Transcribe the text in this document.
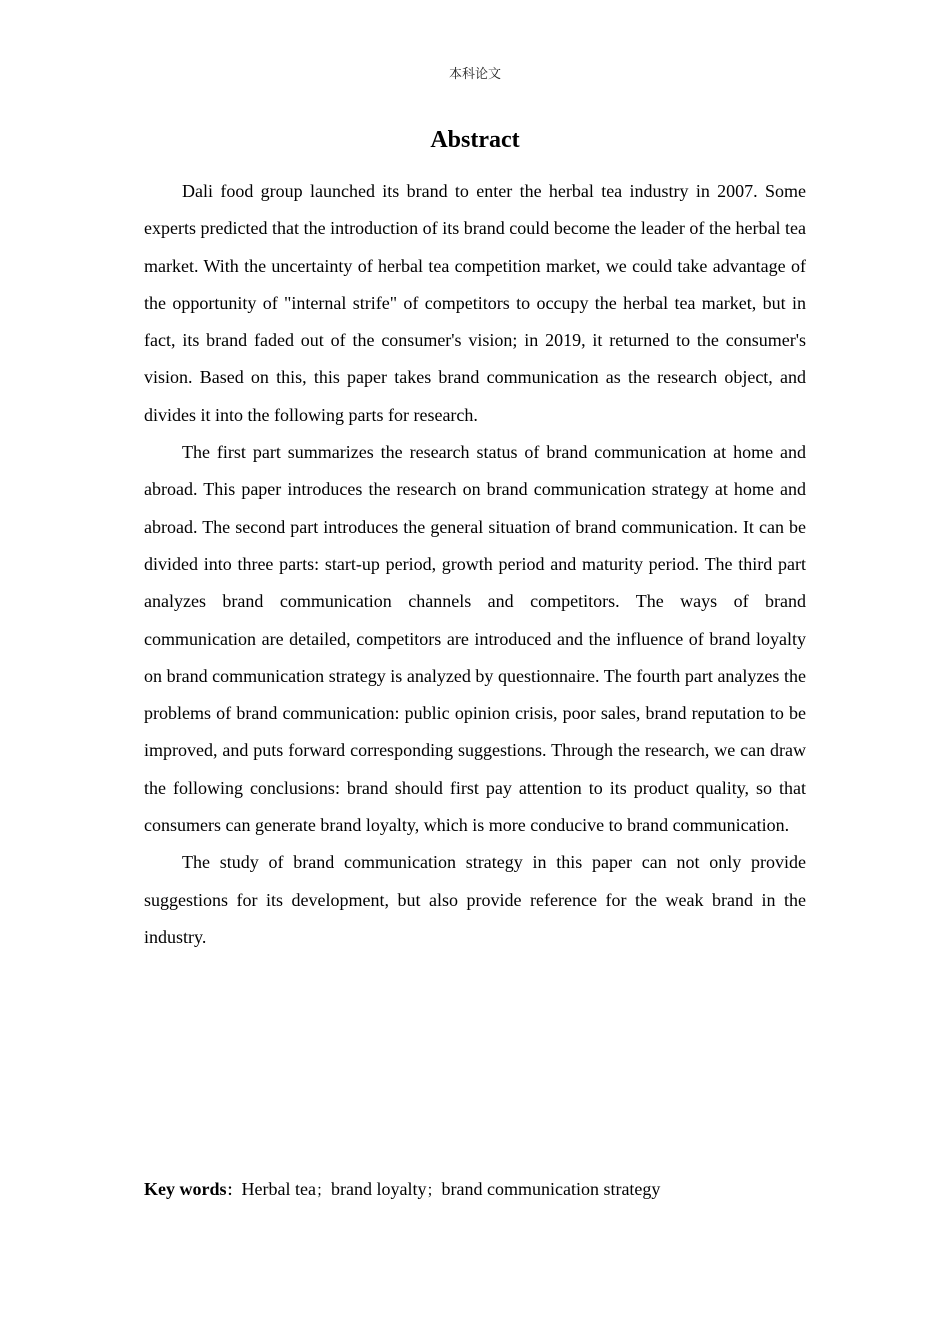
本科论文
Abstract

Dali food group launched its brand to enter the herbal tea industry in 2007. Some experts predicted that the introduction of its brand could become the leader of the herbal tea market. With the uncertainty of herbal tea competition market, we could take advantage of the opportunity of "internal strife" of competitors to occupy the herbal tea market, but in fact, its brand faded out of the consumer's vision; in 2019, it returned to the consumer's vision. Based on this, this paper takes brand communication as the research object, and divides it into the following parts for research.

The first part summarizes the research status of brand communication at home and abroad. This paper introduces the research on brand communication strategy at home and abroad. The second part introduces the general situation of brand communication. It can be divided into three parts: start-up period, growth period and maturity period. The third part analyzes brand communication channels and competitors. The ways of brand communication are detailed, competitors are introduced and the influence of brand loyalty on brand communication strategy is analyzed by questionnaire. The fourth part analyzes the problems of brand communication: public opinion crisis, poor sales, brand reputation to be improved, and puts forward corresponding suggestions. Through the research, we can draw the following conclusions: brand should first pay attention to its product quality, so that consumers can generate brand loyalty, which is more conducive to brand communication.

The study of brand communication strategy in this paper can not only provide suggestions for its development, but also provide reference for the weak brand in the industry.

Key words：Herbal tea；brand loyalty；brand communication strategy
